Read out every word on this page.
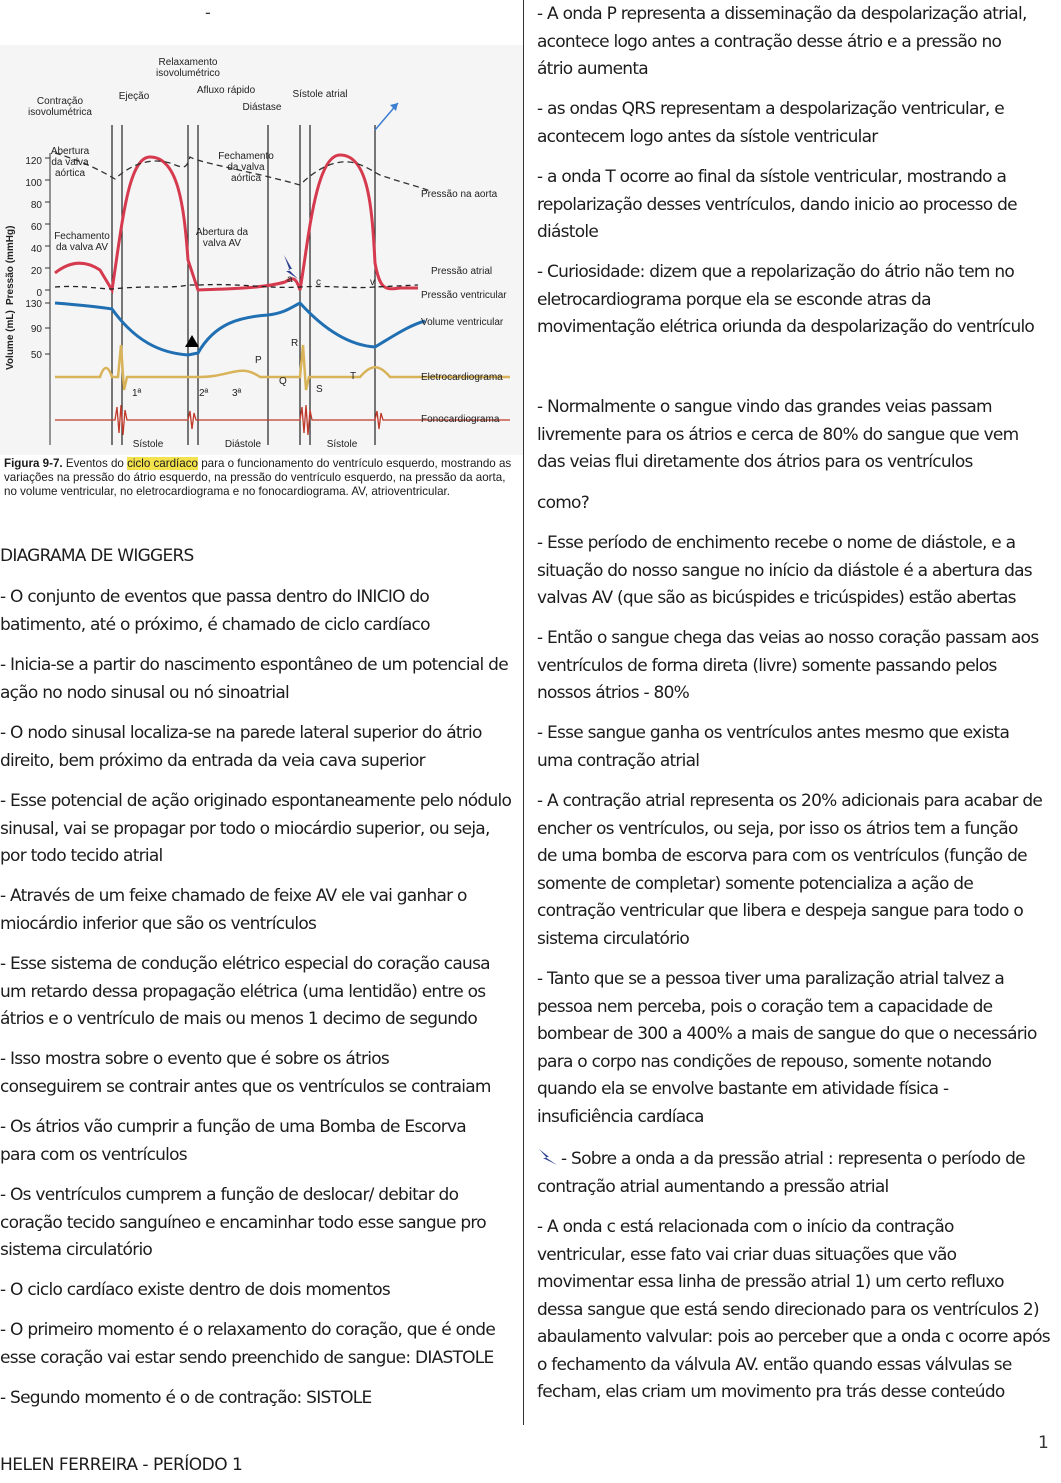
-
Pressão (mmHg)
Volume (mL)
120
100
80
60
40
20
0
130
90
50
Relaxamento
isovolumétrico
Contração
isovolumétrica
Ejeção
Afluxo rápido
Diástase
Sístole atrial
Abertura
da valva
aórtica
Fechamento
da valva
aórtica
Fechamento
da valva AV
Abertura da
valva AV
Pressão na aorta
Pressão atrial
Pressão ventricular
Volume ventricular
Eletrocardiograma
Fonocardiograma
a c	v
P
Q
R
S
T
1ª	2ª 3ª
Sístole	Diástole	Sístole
Figura 9-7. Eventos do ciclo cardíaco para o funcionamento do ventrículo esquerdo, mostrando as variações na pressão do átrio esquerdo, na pressão do ventrículo esquerdo, na pressão da aorta, no volume ventricular, no eletrocardiograma e no fonocardiograma. AV, atrioventricular.
DIAGRAMA DE WIGGERS
- O conjunto de eventos que passa dentro do INICIO do
batimento, até o próximo, é chamado de ciclo cardíaco
- Inicia-se a partir do nascimento espontâneo de um potencial de
ação no nodo sinusal ou nó sinoatrial
- O nodo sinusal localiza-se na parede lateral superior do átrio
direito, bem próximo da entrada da veia cava superior
- Esse potencial de ação originado espontaneamente pelo nódulo
sinusal, vai se propagar por todo o miocárdio superior, ou seja,
por todo tecido atrial
- Através de um feixe chamado de feixe AV ele vai ganhar o
miocárdio inferior que são os ventrículos
- Esse sistema de condução elétrico especial do coração causa
um retardo dessa propagação elétrica (uma lentidão) entre os
átrios e o ventrículo de mais ou menos 1 decimo de segundo
- Isso mostra sobre o evento que é sobre os átrios
conseguirem se contrair antes que os ventrículos se contraiam
- Os átrios vão cumprir a função de uma Bomba de Escorva
para com os ventrículos
- Os ventrículos cumprem a função de deslocar/ debitar do
coração tecido sanguíneo e encaminhar todo esse sangue pro
sistema circulatório
- O ciclo cardíaco existe dentro de dois momentos
- O primeiro momento é o relaxamento do coração, que é onde
esse coração vai estar sendo preenchido de sangue: DIASTOLE
- Segundo momento é o de contração: SISTOLE
- A onda P representa a disseminação da despolarização atrial,
acontece logo antes a contração desse átrio e a pressão no
átrio aumenta
- as ondas QRS representam a despolarização ventricular, e
acontecem logo antes da sístole ventricular
- a onda T ocorre ao final da sístole ventricular, mostrando a
repolarização desses ventrículos, dando inicio ao processo de
diástole
- Curiosidade: dizem que a repolarização do átrio não tem no
eletrocardiograma porque ela se esconde atras da
movimentação elétrica oriunda da despolarização do ventrículo
- Normalmente o sangue vindo das grandes veias passam
livremente para os átrios e cerca de 80% do sangue que vem
das veias flui diretamente dos átrios para os ventrículos
como?
- Esse período de enchimento recebe o nome de diástole, e a
situação do nosso sangue no início da diástole é a abertura das
valvas AV (que são as bicúspides e tricúspides) estão abertas
- Então o sangue chega das veias ao nosso coração passam aos
ventrículos de forma direta (livre) somente passando pelos
nossos átrios - 80%
- Esse sangue ganha os ventrículos antes mesmo que exista
uma contração atrial
- A contração atrial representa os 20% adicionais para acabar de
encher os ventrículos, ou seja, por isso os átrios tem a função
de uma bomba de escorva para com os ventrículos (função de
somente de completar) somente potencializa a ação de
contração ventricular que libera e despeja sangue para todo o
sistema circulatório
- Tanto que se a pessoa tiver uma paralização atrial talvez a
pessoa nem perceba, pois o coração tem a capacidade de
bombear de 300 a 400% a mais de sangue do que o necessário
para o corpo nas condições de repouso, somente notando
quando ela se envolve bastante em atividade física -
insuficiência cardíaca
- Sobre a onda a da pressão atrial : representa o período de
contração atrial aumentando a pressão atrial
- A onda c está relacionada com o início da contração
ventricular, esse fato vai criar duas situações que vão
movimentar essa linha de pressão atrial 1) um certo refluxo
dessa sangue que está sendo direcionado para os ventrículos 2)
abaulamento valvular: pois ao perceber que a onda c ocorre após
o fechamento da válvula AV. então quando essas válvulas se
fecham, elas criam um movimento pra trás desse conteúdo
1
HELEN FERREIRA - PERÍODO 1
